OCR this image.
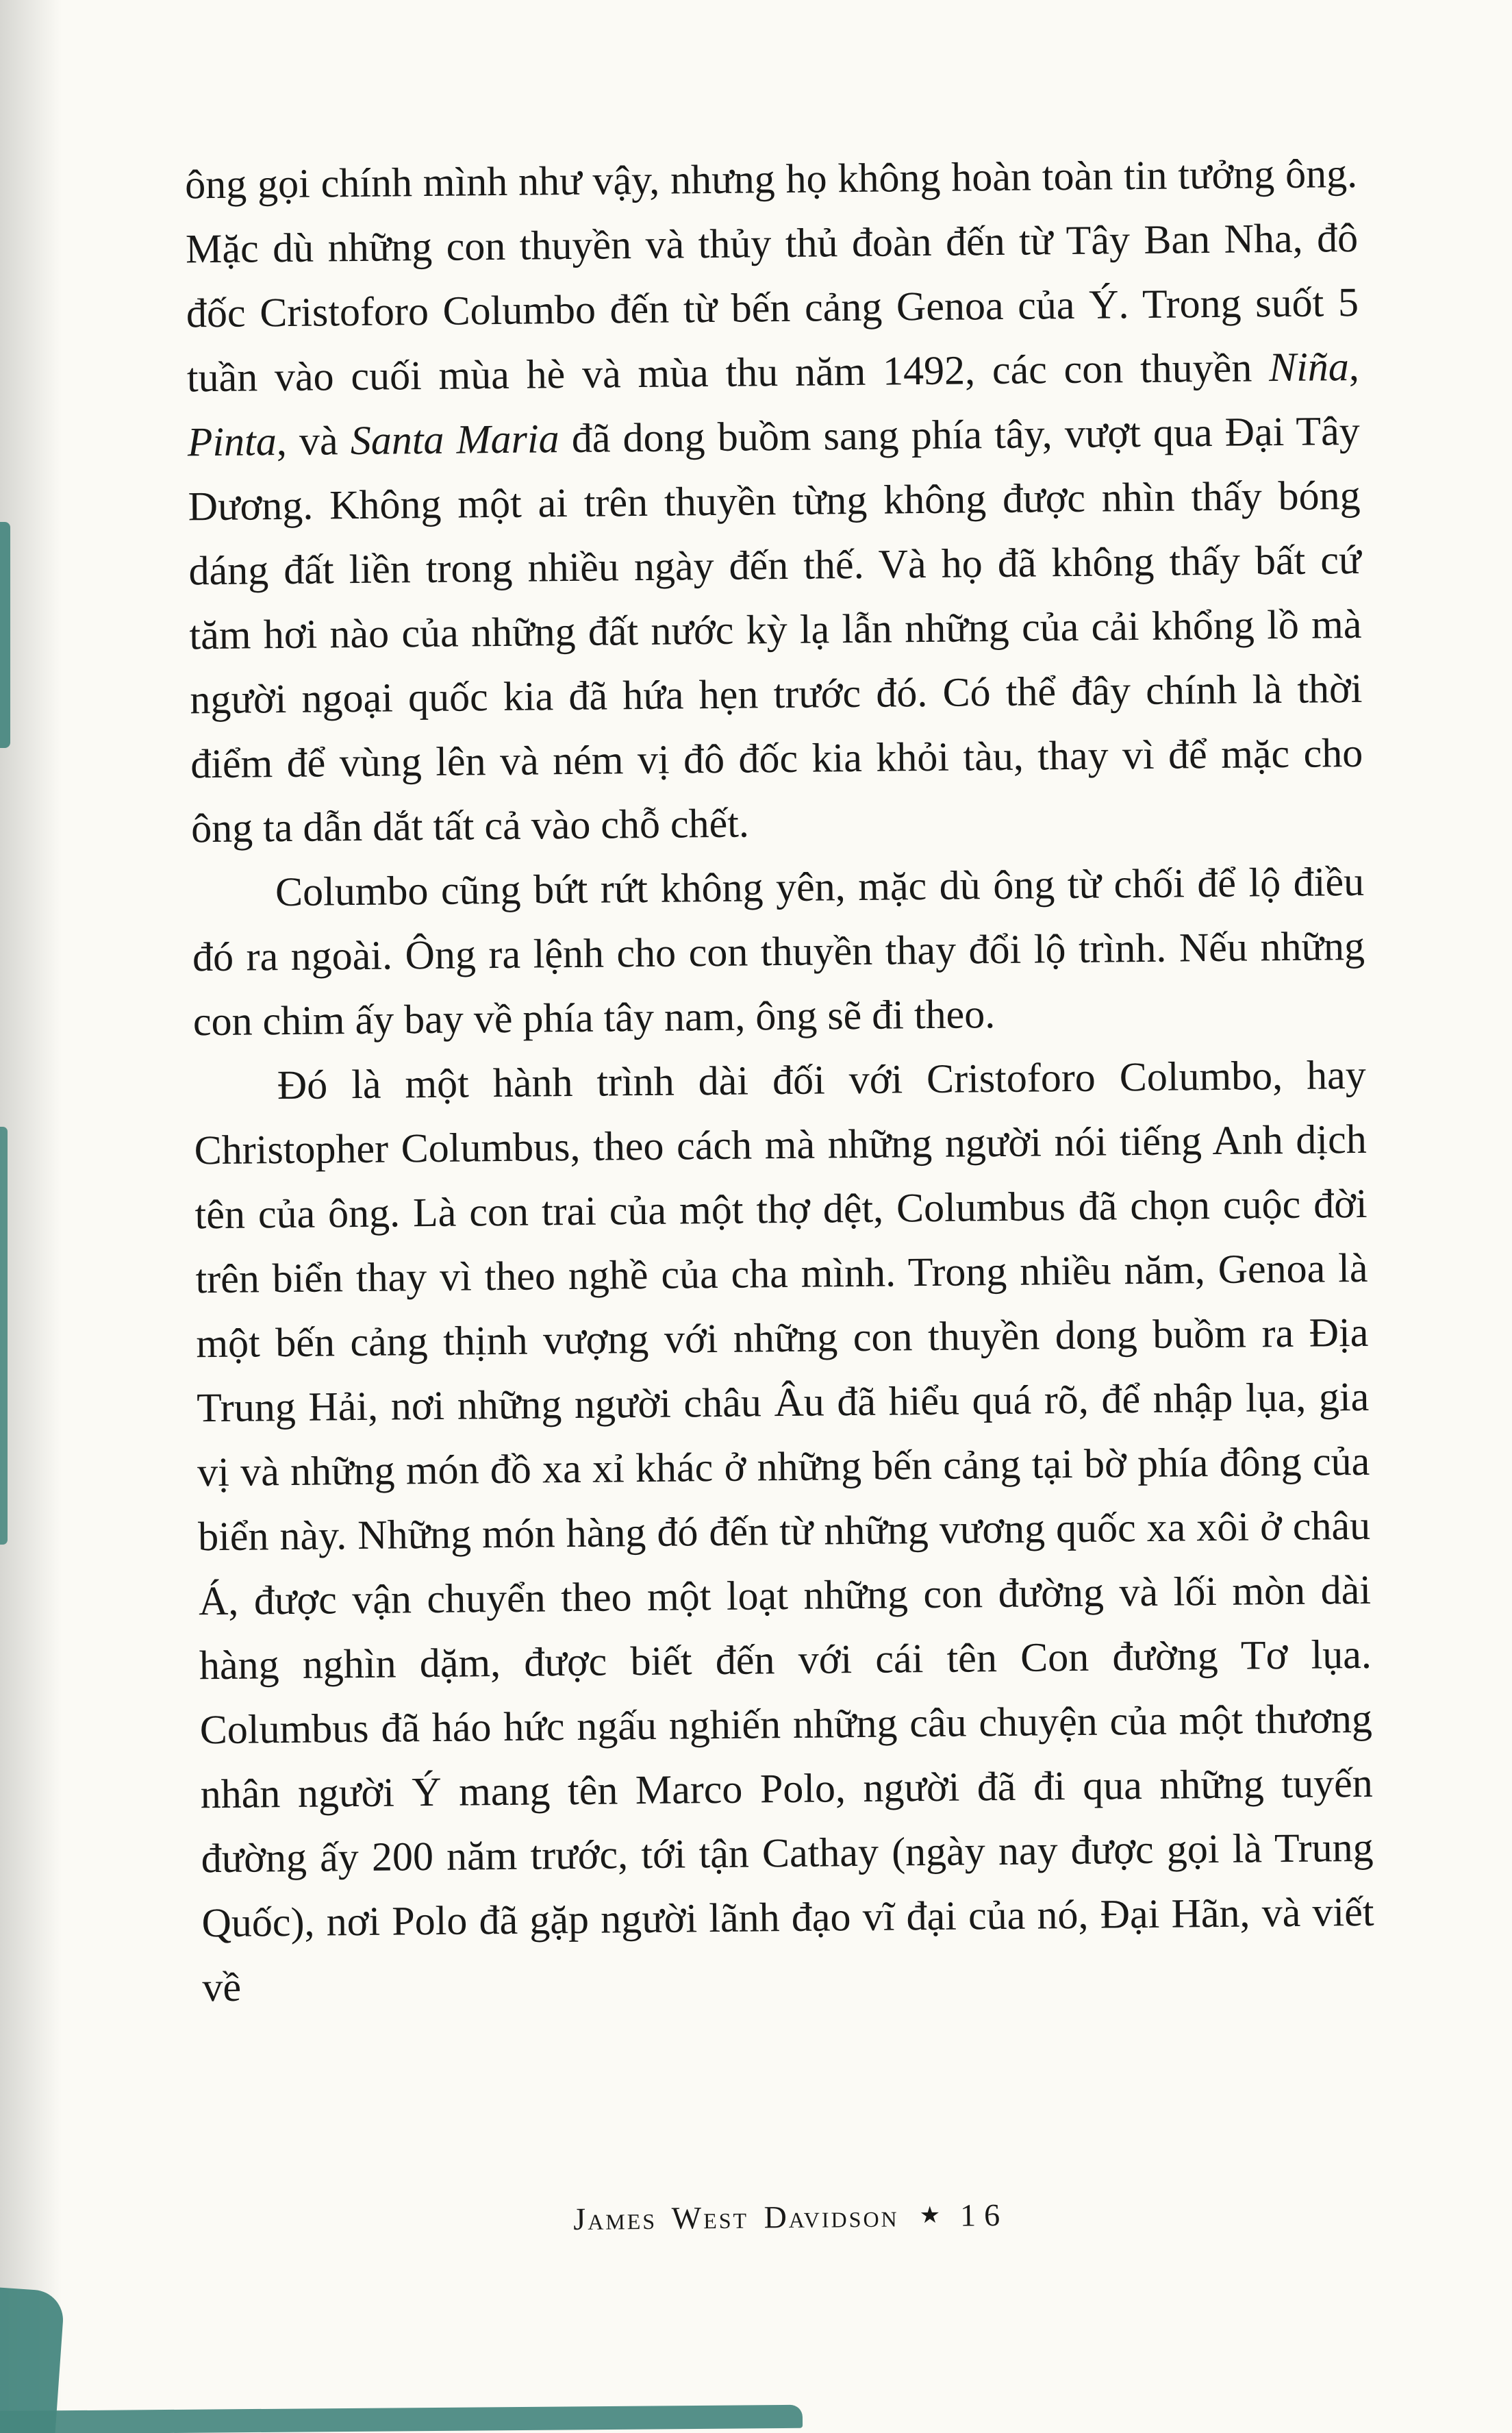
ông gọi chính mình như vậy, nhưng họ không hoàn toàn tin tưởng ông. Mặc dù những con thuyền và thủy thủ đoàn đến từ Tây Ban Nha, đô đốc Cristoforo Columbo đến từ bến cảng Genoa của Ý. Trong suốt 5 tuần vào cuối mùa hè và mùa thu năm 1492, các con thuyền Niña, Pinta, và Santa Maria đã dong buồm sang phía tây, vượt qua Đại Tây Dương. Không một ai trên thuyền từng không được nhìn thấy bóng dáng đất liền trong nhiều ngày đến thế. Và họ đã không thấy bất cứ tăm hơi nào của những đất nước kỳ lạ lẫn những của cải khổng lồ mà người ngoại quốc kia đã hứa hẹn trước đó. Có thể đây chính là thời điểm để vùng lên và ném vị đô đốc kia khỏi tàu, thay vì để mặc cho ông ta dẫn dắt tất cả vào chỗ chết.

Columbo cũng bứt rứt không yên, mặc dù ông từ chối để lộ điều đó ra ngoài. Ông ra lệnh cho con thuyền thay đổi lộ trình. Nếu những con chim ấy bay về phía tây nam, ông sẽ đi theo.

Đó là một hành trình dài đối với Cristoforo Columbo, hay Christopher Columbus, theo cách mà những người nói tiếng Anh dịch tên của ông. Là con trai của một thợ dệt, Columbus đã chọn cuộc đời trên biển thay vì theo nghề của cha mình. Trong nhiều năm, Genoa là một bến cảng thịnh vượng với những con thuyền dong buồm ra Địa Trung Hải, nơi những người châu Âu đã hiểu quá rõ, để nhập lụa, gia vị và những món đồ xa xỉ khác ở những bến cảng tại bờ phía đông của biển này. Những món hàng đó đến từ những vương quốc xa xôi ở châu Á, được vận chuyển theo một loạt những con đường và lối mòn dài hàng nghìn dặm, được biết đến với cái tên Con đường Tơ lụa. Columbus đã háo hức ngấu nghiến những câu chuyện của một thương nhân người Ý mang tên Marco Polo, người đã đi qua những tuyến đường ấy 200 năm trước, tới tận Cathay (ngày nay được gọi là Trung Quốc), nơi Polo đã gặp người lãnh đạo vĩ đại của nó, Đại Hãn, và viết về

James West Davidson ★ 16
